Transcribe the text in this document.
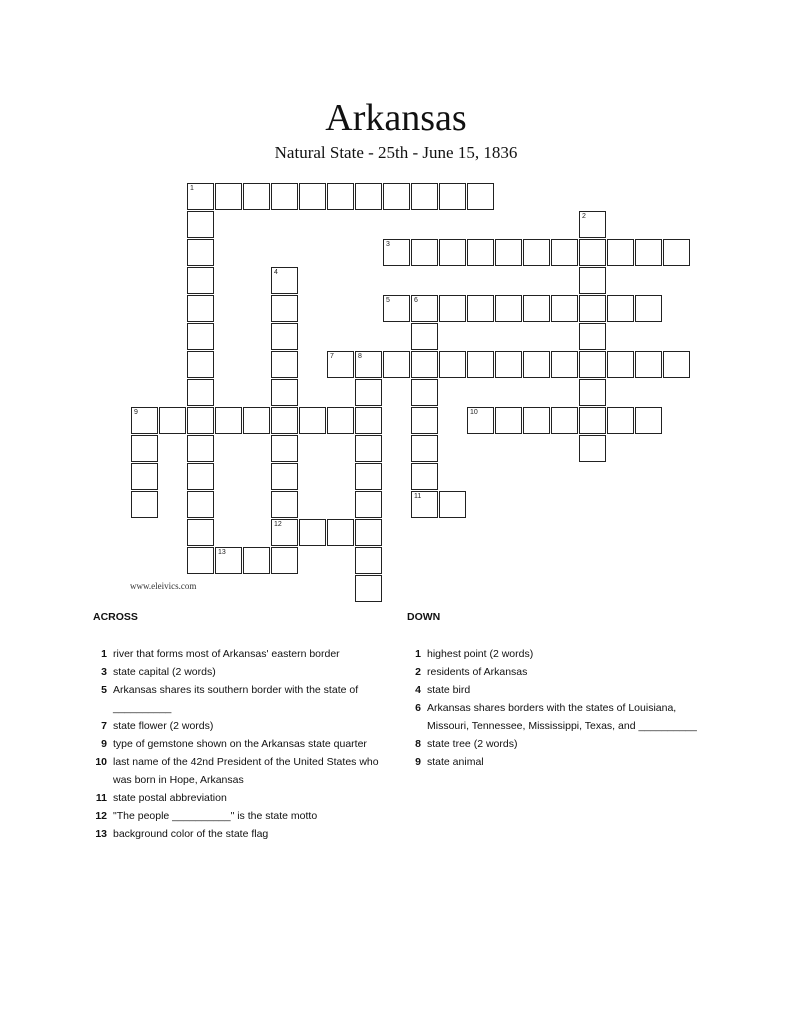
Arkansas
Natural State - 25th - June 15, 1836
1
2
3
4
12
5	6
11
7	8
9	10
13
www.eleivics.com
ACROSS	DOWN
1 river that forms most of Arkansas' eastern border
3 state capital (2 words)
5 Arkansas shares its southern border with the state of __________
7 state flower (2 words)
9 type of gemstone shown on the Arkansas state quarter
10 last name of the 42nd President of the United States who was born in Hope, Arkansas
11 state postal abbreviation
12 "The people __________" is the state motto
13 background color of the state flag
1 highest point (2 words)
2 residents of Arkansas
4 state bird
6 Arkansas shares borders with the states of Louisiana, Missouri, Tennessee, Mississippi, Texas, and __________
8 state tree (2 words)
9 state animal
